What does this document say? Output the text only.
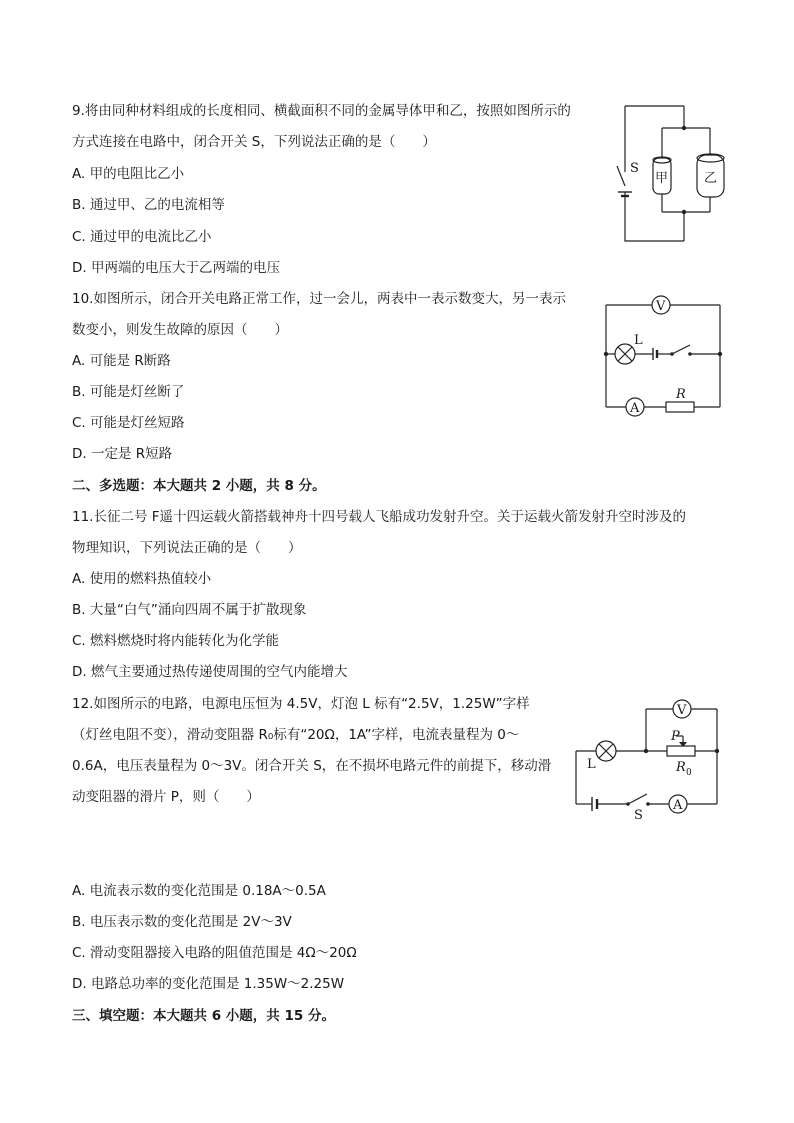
9.将由同种材料组成的长度相同、横截面积不同的金属导体甲和乙，按照如图所示的
方式连接在电路中，闭合开关 S，下列说法正确的是（　　）
A. 甲的电阻比乙小
B. 通过甲、乙的电流相等
C. 通过甲的电流比乙小
D. 甲两端的电压大于乙两端的电压
S
甲	乙
10.如图所示，闭合开关电路正常工作，过一会儿，两表中一表示数变大，另一表示
数变小，则发生故障的原因（　　）
A. 可能是 R断路
B. 可能是灯丝断了
C. 可能是灯丝短路
D. 一定是 R短路
V
L
A
R
二、多选题：本大题共 2 小题，共 8 分。
11.长征二号 F遥十四运载火箭搭载神舟十四号载人飞船成功发射升空。关于运载火箭发射升空时涉及的
物理知识，下列说法正确的是（　　）
A. 使用的燃料热值较小
B. 大量“白气”涌向四周不属于扩散现象
C. 燃料燃烧时将内能转化为化学能
D. 燃气主要通过热传递使周围的空气内能增大
12.如图所示的电路，电源电压恒为 4.5V，灯泡 L 标有“2.5V，1.25W”字样
（灯丝电阻不变），滑动变阻器 R₀标有“20Ω，1A”字样，电流表量程为 0～
0.6A，电压表量程为 0～3V。闭合开关 S，在不损坏电路元件的前提下，移动滑
动变阻器的滑片 P，则（　　）
V
P
L	R 0
S
A
A. 电流表示数的变化范围是 0.18A～0.5A
B. 电压表示数的变化范围是 2V～3V
C. 滑动变阻器接入电路的阻值范围是 4Ω～20Ω
D. 电路总功率的变化范围是 1.35W～2.25W
三、填空题：本大题共 6 小题，共 15 分。
